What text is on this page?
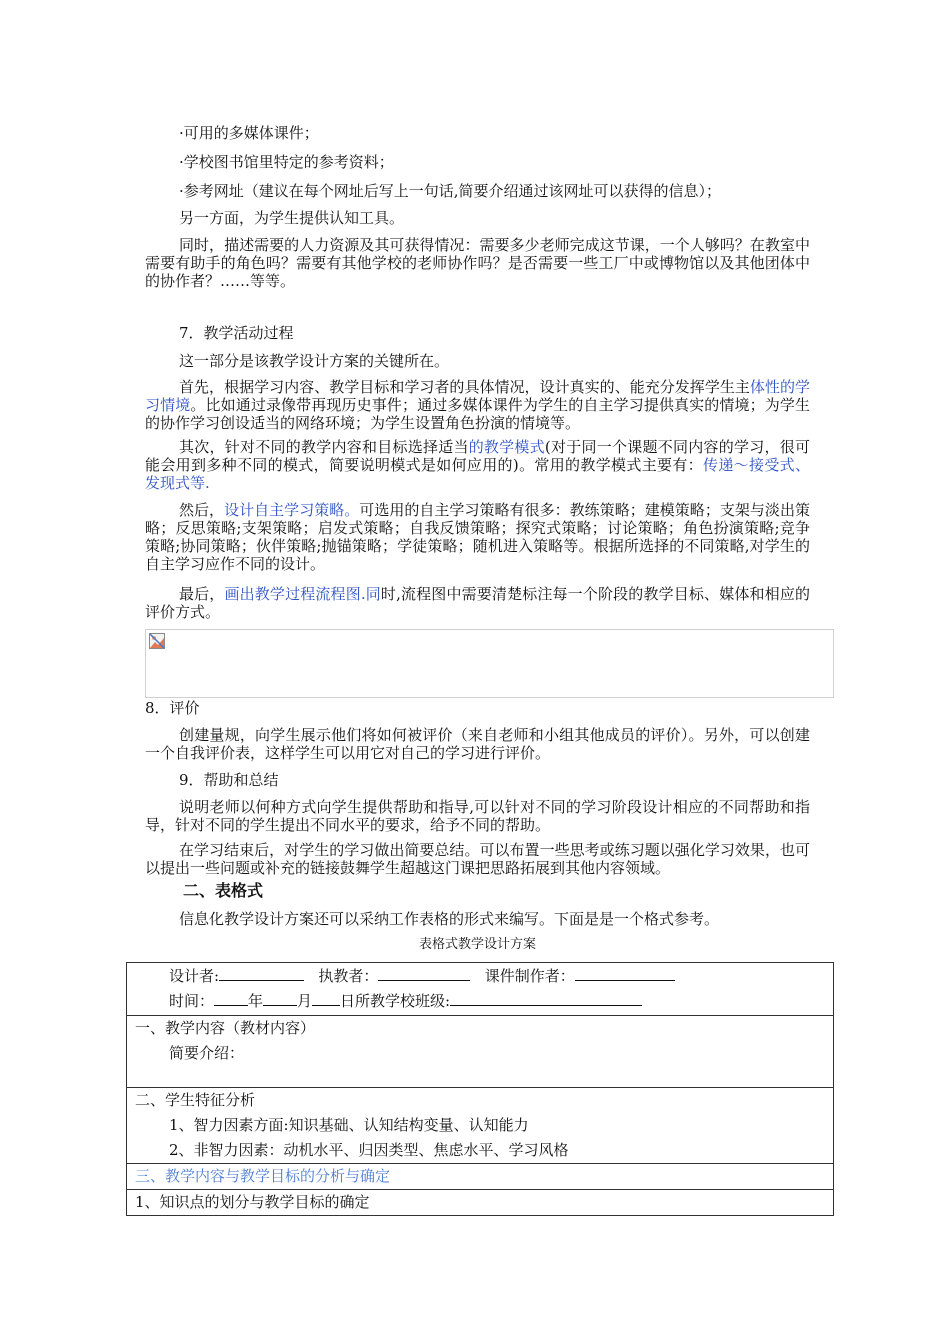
·可用的多媒体课件；

·学校图书馆里特定的参考资料；

·参考网址（建议在每个网址后写上一句话,简要介绍通过该网址可以获得的信息）；

另一方面，为学生提供认知工具。

同时，描述需要的人力资源及其可获得情况：需要多少老师完成这节课，一个人够吗？在教室中需要有助手的角色吗？需要有其他学校的老师协作吗？是否需要一些工厂中或博物馆以及其他团体中的协作者？……等等。

7．教学活动过程

这一部分是该教学设计方案的关键所在。

首先，根据学习内容、教学目标和学习者的具体情况，设计真实的、能充分发挥学生主体性的学习情境。比如通过录像带再现历史事件；通过多媒体课件为学生的自主学习提供真实的情境；为学生的协作学习创设适当的网络环境；为学生设置角色扮演的情境等。

其次，针对不同的教学内容和目标选择适当的教学模式(对于同一个课题不同内容的学习，很可能会用到多种不同的模式，简要说明模式是如何应用的)。常用的教学模式主要有：传递～接受式、发现式等.

然后，设计自主学习策略。可选用的自主学习策略有很多：教练策略；建模策略；支架与淡出策略；反思策略;支架策略；启发式策略；自我反馈策略；探究式策略；讨论策略；角色扮演策略;竞争策略;协同策略；伙伴策略;抛锚策略；学徒策略；随机进入策略等。根据所选择的不同策略,对学生的自主学习应作不同的设计。

最后，画出教学过程流程图.同时,流程图中需要清楚标注每一个阶段的教学目标、媒体和相应的评价方式。

8．评价

创建量规，向学生展示他们将如何被评价（来自老师和小组其他成员的评价）。另外，可以创建一个自我评价表，这样学生可以用它对自己的学习进行评价。

9．帮助和总结

说明老师以何种方式向学生提供帮助和指导,可以针对不同的学习阶段设计相应的不同帮助和指导，针对不同的学生提出不同水平的要求，给予不同的帮助。

在学习结束后，对学生的学习做出简要总结。可以布置一些思考或练习题以强化学习效果，也可以提出一些问题或补充的链接鼓舞学生超越这门课把思路拓展到其他内容领域。

二、表格式

信息化教学设计方案还可以采纳工作表格的形式来编写。下面是是一个格式参考。

表格式教学设计方案

设计者:	执教者：	课件制作者：
时间： 年 月 日所教学校班级:

一、教学内容（教材内容）
简要介绍：

二、学生特征分析
1、智力因素方面:知识基础、认知结构变量、认知能力
2、非智力因素：动机水平、归因类型、焦虑水平、学习风格

三、教学内容与教学目标的分析与确定

1、知识点的划分与教学目标的确定
